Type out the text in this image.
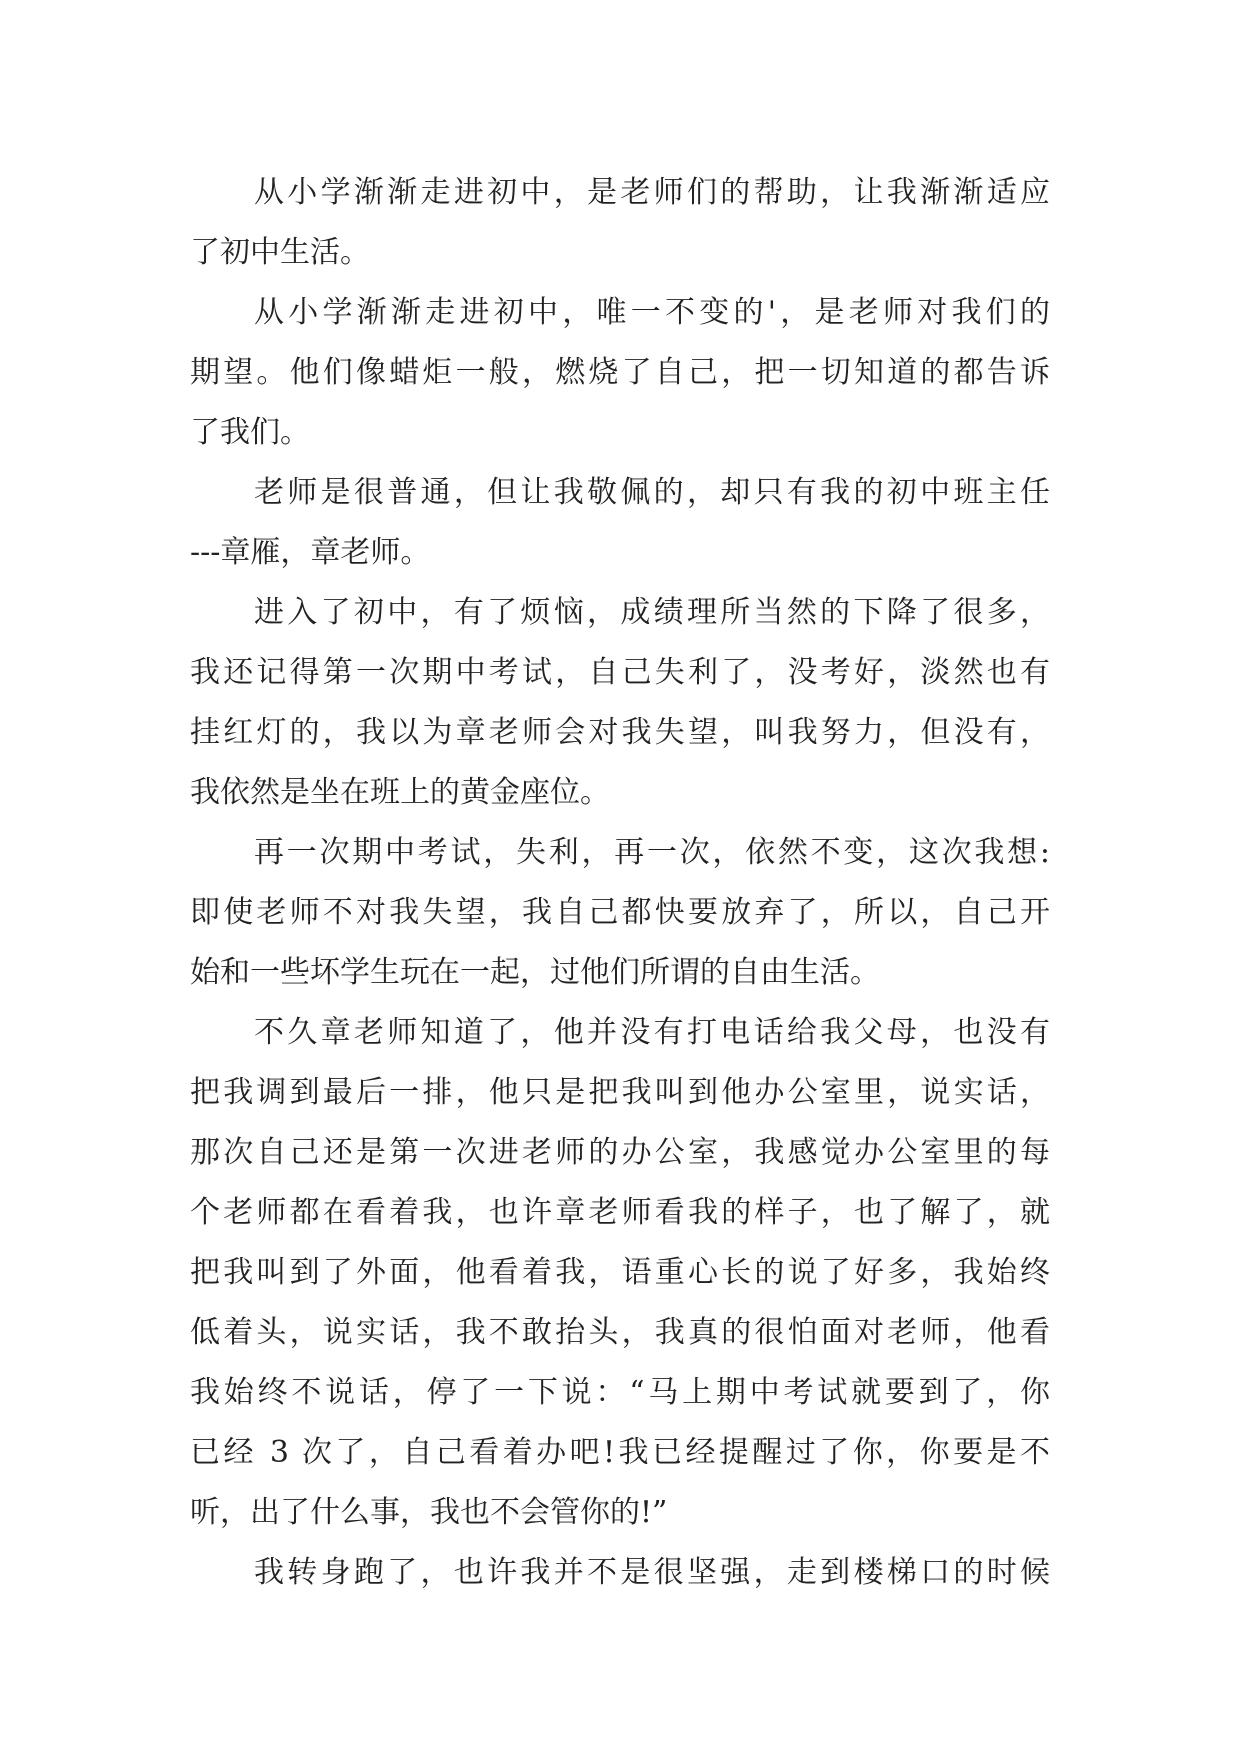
从小学渐渐走进初中，是老师们的帮助，让我渐渐适应
了初中生活。
从小学渐渐走进初中，唯一不变的'，是老师对我们的
期望。他们像蜡炬一般，燃烧了自己，把一切知道的都告诉
了我们。
老师是很普通，但让我敬佩的，却只有我的初中班主任
---章雁，章老师。
进入了初中，有了烦恼，成绩理所当然的下降了很多，
我还记得第一次期中考试，自己失利了，没考好，淡然也有
挂红灯的，我以为章老师会对我失望，叫我努力，但没有，
我依然是坐在班上的黄金座位。
再一次期中考试，失利，再一次，依然不变，这次我想:
即使老师不对我失望，我自己都快要放弃了，所以，自己开
始和一些坏学生玩在一起，过他们所谓的自由生活。
不久章老师知道了，他并没有打电话给我父母，也没有
把我调到最后一排，他只是把我叫到他办公室里，说实话，
那次自己还是第一次进老师的办公室，我感觉办公室里的每
个老师都在看着我，也许章老师看我的样子，也了解了，就
把我叫到了外面，他看着我，语重心长的说了好多，我始终
低着头，说实话，我不敢抬头，我真的很怕面对老师，他看
我始终不说话，停了一下说：“马上期中考试就要到了，你
已经 3 次了，自己看着办吧!我已经提醒过了你，你要是不
听，出了什么事，我也不会管你的!”
我转身跑了，也许我并不是很坚强，走到楼梯口的时候
